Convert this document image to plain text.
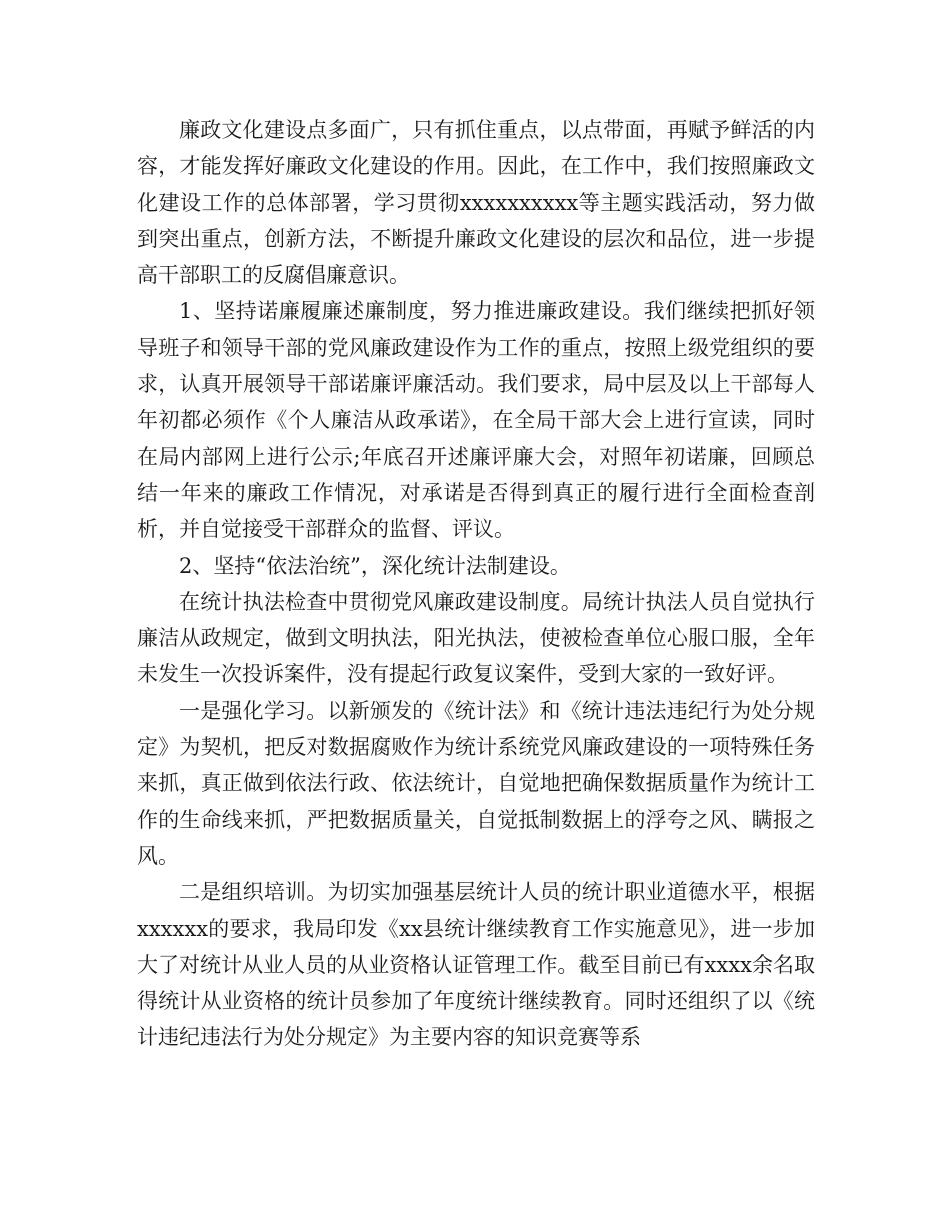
廉政文化建设点多面广，只有抓住重点，以点带面，再赋予鲜活的内容，才能发挥好廉政文化建设的作用。因此，在工作中，我们按照廉政文化建设工作的总体部署，学习贯彻xxxxxxxxxx等主题实践活动，努力做到突出重点，创新方法，不断提升廉政文化建设的层次和品位，进一步提高干部职工的反腐倡廉意识。

1、坚持诺廉履廉述廉制度，努力推进廉政建设。我们继续把抓好领导班子和领导干部的党风廉政建设作为工作的重点，按照上级党组织的要求，认真开展领导干部诺廉评廉活动。我们要求，局中层及以上干部每人年初都必须作《个人廉洁从政承诺》，在全局干部大会上进行宣读，同时在局内部网上进行公示;年底召开述廉评廉大会，对照年初诺廉，回顾总结一年来的廉政工作情况，对承诺是否得到真正的履行进行全面检查剖析，并自觉接受干部群众的监督、评议。

2、坚持“依法治统”，深化统计法制建设。

在统计执法检查中贯彻党风廉政建设制度。局统计执法人员自觉执行廉洁从政规定，做到文明执法，阳光执法，使被检查单位心服口服，全年未发生一次投诉案件，没有提起行政复议案件，受到大家的一致好评。

一是强化学习。以新颁发的《统计法》和《统计违法违纪行为处分规定》为契机，把反对数据腐败作为统计系统党风廉政建设的一项特殊任务来抓，真正做到依法行政、依法统计，自觉地把确保数据质量作为统计工作的生命线来抓，严把数据质量关，自觉抵制数据上的浮夸之风、瞒报之风。

二是组织培训。为切实加强基层统计人员的统计职业道德水平，根据xxxxxx的要求，我局印发《xx县统计继续教育工作实施意见》，进一步加大了对统计从业人员的从业资格认证管理工作。截至目前已有xxxx余名取得统计从业资格的统计员参加了年度统计继续教育。同时还组织了以《统计违纪违法行为处分规定》为主要内容的知识竞赛等系
